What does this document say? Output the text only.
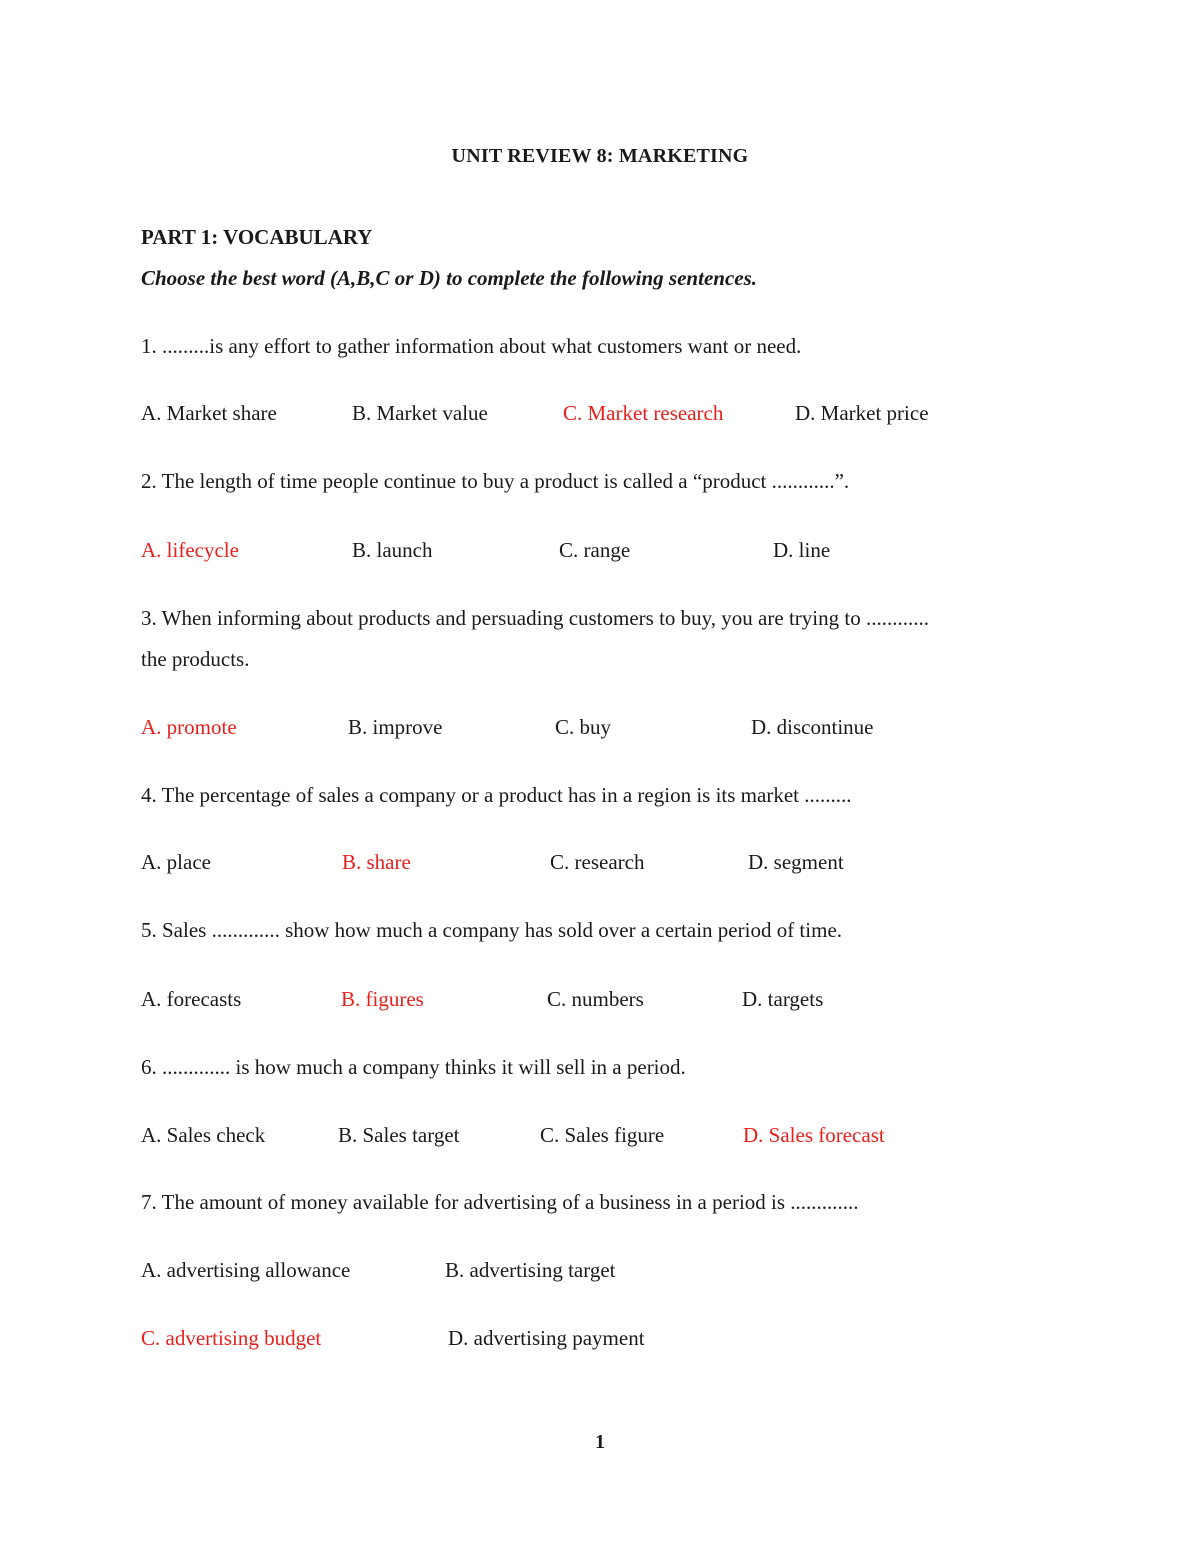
UNIT REVIEW 8: MARKETING
PART 1: VOCABULARY
Choose the best word (A,B,C or D) to complete the following sentences.
1. .........is any effort to gather information about what customers want or need.
A. Market share	B. Market value	C. Market research	D. Market price
2. The length of time people continue to buy a product is called a “product ............”.
A. lifecycle	B. launch	C. range	D. line
3. When informing about products and persuading customers to buy, you are trying to ............
the products.
A. promote	B. improve	C. buy	D. discontinue
4. The percentage of sales a company or a product has in a region is its market .........
A. place	B. share	C. research	D. segment
5. Sales ............. show how much a company has sold over a certain period of time.
A. forecasts	B. figures	C. numbers	D. targets
6. ............. is how much a company thinks it will sell in a period.
A. Sales check	B. Sales target	C. Sales figure	D. Sales forecast
7. The amount of money available for advertising of a business in a period is .............
A. advertising allowance	B. advertising target
C. advertising budget	D. advertising payment
1
